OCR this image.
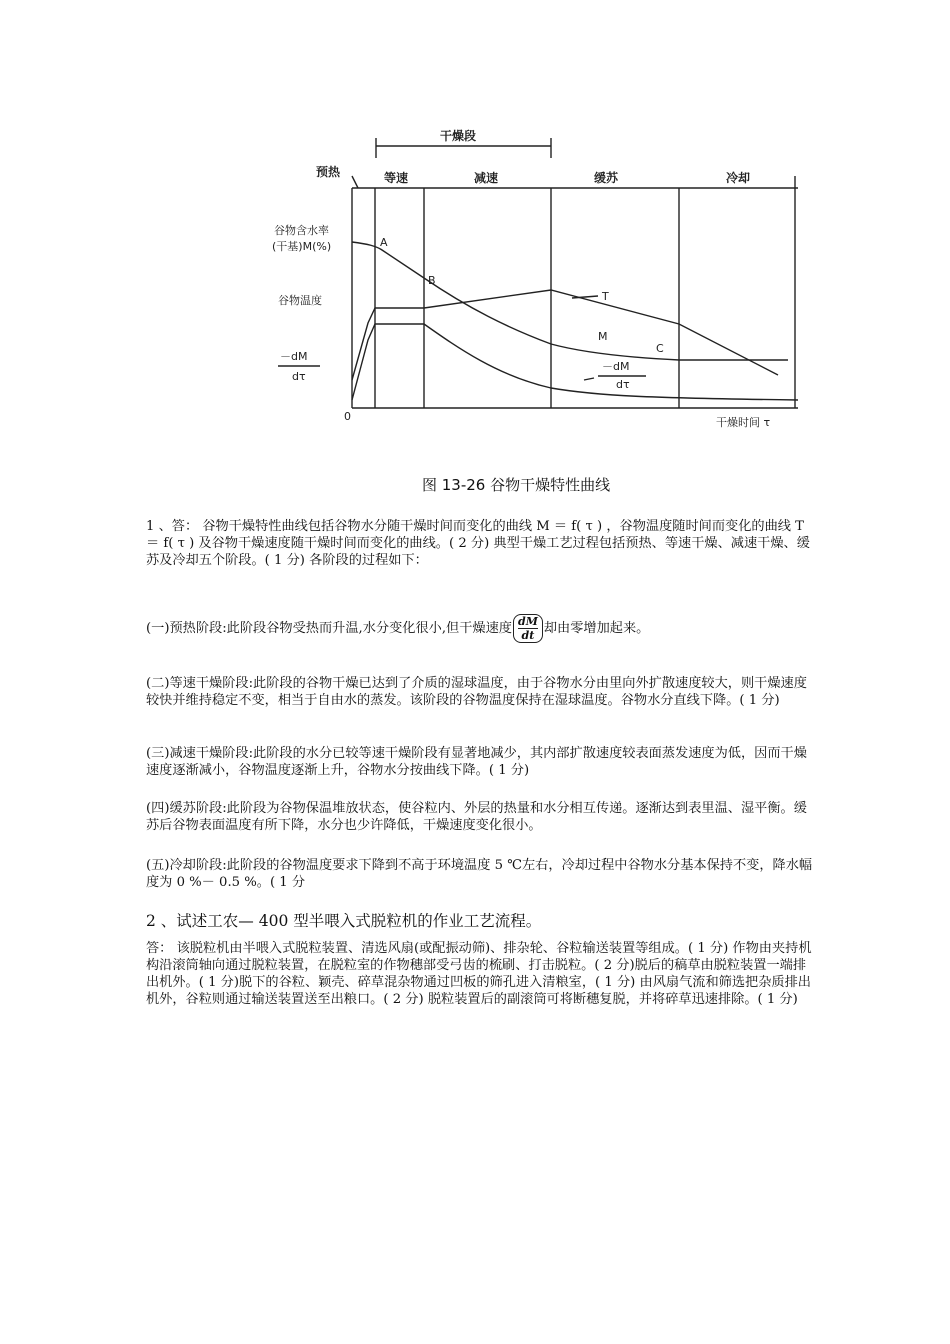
干燥段
预热	等速	减速	缓苏	冷却
谷物含水率
(干基)M(%)
谷物温度
－dM
dτ
A
B
C
T
M
－dM
dτ
0	干燥时间 τ
图 13-26 谷物干燥特性曲线

1 、答： 谷物干燥特性曲线包括谷物水分随干燥时间而变化的曲线 M ＝ f( τ ) ，谷物温度随时间而变化的曲线 T ＝ f( τ ) 及谷物干燥速度随干燥时间而变化的曲线。( 2 分) 典型干燥工艺过程包括预热、等速干燥、减速干燥、缓苏及冷却五个阶段。( 1 分) 各阶段的过程如下：

(一)预热阶段:此阶段谷物受热而升温,水分变化很小,但干燥速度 $\frac{dM}{dt}$ 却由零增加起来。

(二)等速干燥阶段:此阶段的谷物干燥已达到了介质的湿球温度，由于谷物水分由里向外扩散速度较大，则干燥速度较快并维持稳定不变，相当于自由水的蒸发。该阶段的谷物温度保持在湿球温度。谷物水分直线下降。( 1 分)

(三)减速干燥阶段:此阶段的水分已较等速干燥阶段有显著地减少，其内部扩散速度较表面蒸发速度为低，因而干燥速度逐渐减小，谷物温度逐渐上升，谷物水分按曲线下降。( 1 分)

(四)缓苏阶段:此阶段为谷物保温堆放状态，使谷粒内、外层的热量和水分相互传递。逐渐达到表里温、湿平衡。缓苏后谷物表面温度有所下降，水分也少许降低，干燥速度变化很小。

(五)冷却阶段:此阶段的谷物温度要求下降到不高于环境温度 5 ℃左右，冷却过程中谷物水分基本保持不变，降水幅度为 0 %－ 0.5 %。( 1 分

2 、试述工农— 400 型半喂入式脱粒机的作业工艺流程。

答： 该脱粒机由半喂入式脱粒装置、清选风扇(或配振动筛)、排杂轮、谷粒输送装置等组成。( 1 分) 作物由夹持机构沿滚筒轴向通过脱粒装置，在脱粒室的作物穗部受弓齿的梳刷、打击脱粒。( 2 分)脱后的稿草由脱粒装置一端排出机外。( 1 分)脱下的谷粒、颖壳、碎草混杂物通过凹板的筛孔进入清粮室，( 1 分) 由风扇气流和筛选把杂质排出机外，谷粒则通过输送装置送至出粮口。( 2 分) 脱粒装置后的副滚筒可将断穗复脱，并将碎草迅速排除。( 1 分)
